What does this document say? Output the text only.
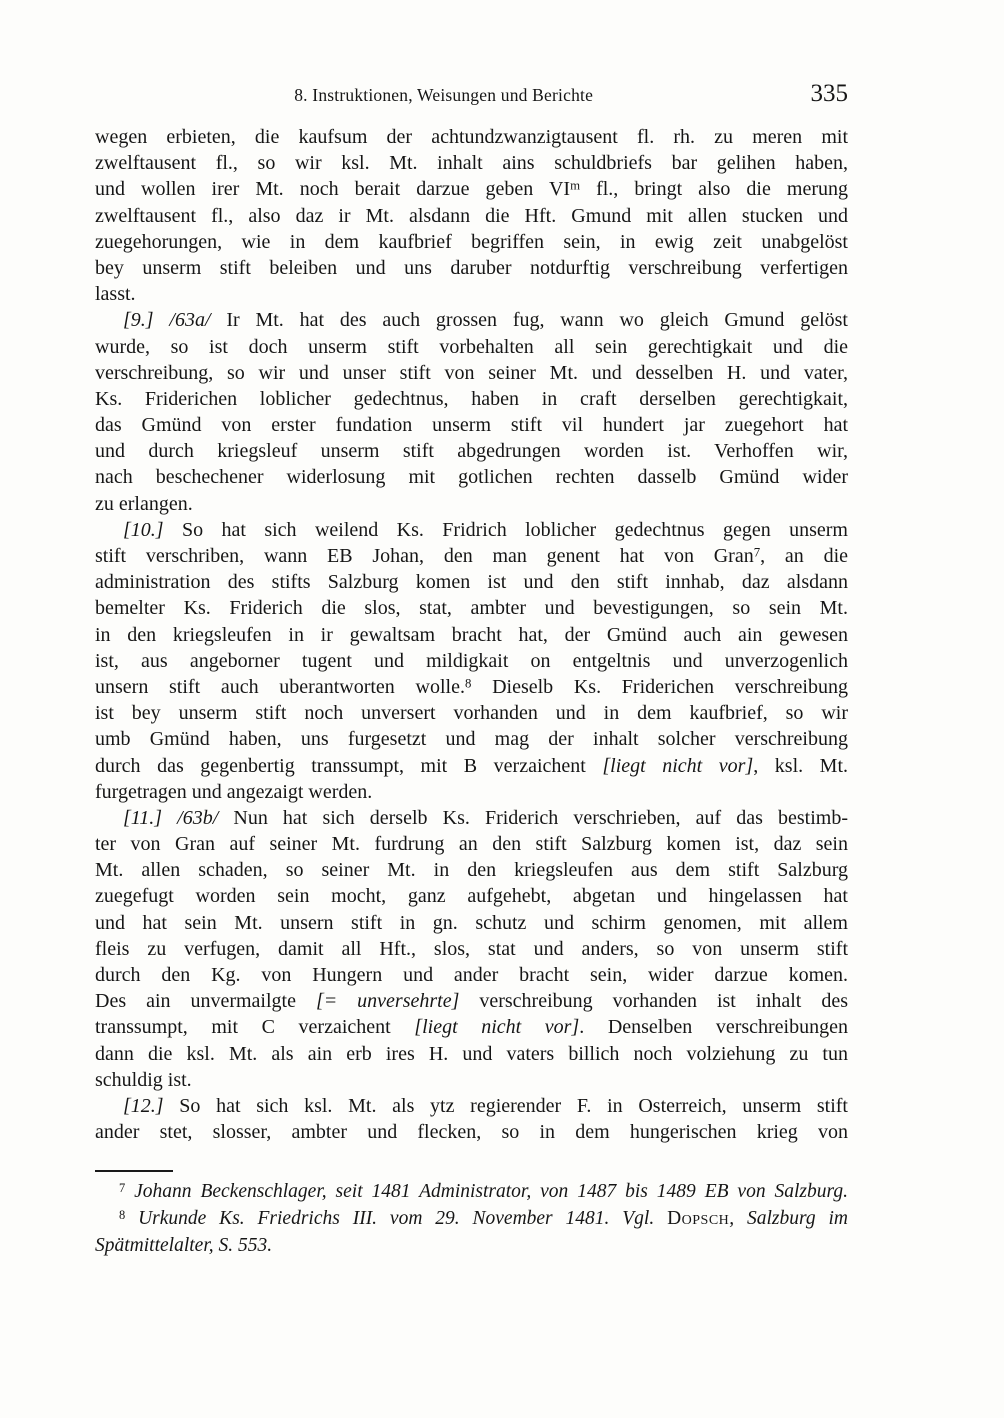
8. Instruktionen, Weisungen und Berichte	335
wegen erbieten, die kaufsum der achtundzwanzigtausent fl. rh. zu meren mit
zwelftausent fl., so wir ksl. Mt. inhalt ains schuldbriefs bar gelihen haben,
und wollen irer Mt. noch berait darzue geben $VI^m$ fl., bringt also die merung
zwelftausent fl., also daz ir Mt. alsdann die Hft. Gmund mit allen stucken und
zuegehorungen, wie in dem kaufbrief begriffen sein, in ewig zeit unabgelöst
bey unserm stift beleiben und uns daruber notdurftig verschreibung verfertigen
lasst.
[9.] /63a/ Ir Mt. hat des auch grossen fug, wann wo gleich Gmund gelöst
wurde, so ist doch unserm stift vorbehalten all sein gerechtigkait und die
verschreibung, so wir und unser stift von seiner Mt. und desselben H. und vater,
Ks. Friderichen loblicher gedechtnus, haben in craft derselben gerechtigkait,
das Gmünd von erster fundation unserm stift vil hundert jar zuegehort hat
und durch kriegsleuf unserm stift abgedrungen worden ist. Verhoffen wir,
nach beschechener widerlosung mit gotlichen rechten dasselb Gmünd wider
zu erlangen.
[10.] So hat sich weilend Ks. Fridrich loblicher gedechtnus gegen unserm
stift verschriben, wann EB Johan, den man genent hat von Gran$^7$, an die
administration des stifts Salzburg komen ist und den stift innhab, daz alsdann
bemelter Ks. Friderich die slos, stat, ambter und bevestigungen, so sein Mt.
in den kriegsleufen in ir gewaltsam bracht hat, der Gmünd auch ain gewesen
ist, aus angeborner tugent und mildigkait on entgeltnis und unverzogenlich
unsern stift auch uberantworten wolle.$^8$ Dieselb Ks. Friderichen verschreibung
ist bey unserm stift noch unversert vorhanden und in dem kaufbrief, so wir
umb Gmünd haben, uns furgesetzt und mag der inhalt solcher verschreibung
durch das gegenbertig transsumpt, mit B verzaichent [liegt nicht vor], ksl. Mt.
furgetragen und angezaigt werden.
[11.] /63b/ Nun hat sich derselb Ks. Friderich verschrieben, auf das bestimb-
ter von Gran auf seiner Mt. furdrung an den stift Salzburg komen ist, daz sein
Mt. allen schaden, so seiner Mt. in den kriegsleufen aus dem stift Salzburg
zuegefugt worden sein mocht, ganz aufgehebt, abgetan und hingelassen hat
und hat sein Mt. unsern stift in gn. schutz und schirm genomen, mit allem
fleis zu verfugen, damit all Hft., slos, stat und anders, so von unserm stift
durch den Kg. von Hungern und ander bracht sein, wider darzue komen.
Des ain unvermailgte [= unversehrte] verschreibung vorhanden ist inhalt des
transsumpt, mit C verzaichent [liegt nicht vor]. Denselben verschreibungen
dann die ksl. Mt. als ain erb ires H. und vaters billich noch volziehung zu tun
schuldig ist.
[12.] So hat sich ksl. Mt. als ytz regierender F. in Osterreich, unserm stift
ander stet, slosser, ambter und flecken, so in dem hungerischen krieg von
$^7$ Johann Beckenschlager, seit 1481 Administrator, von 1487 bis 1489 EB von Salzburg.
$^8$ Urkunde Ks. Friedrichs III. vom 29. November 1481. Vgl. Dopsch, Salzburg im
Spätmittelalter, S. 553.
